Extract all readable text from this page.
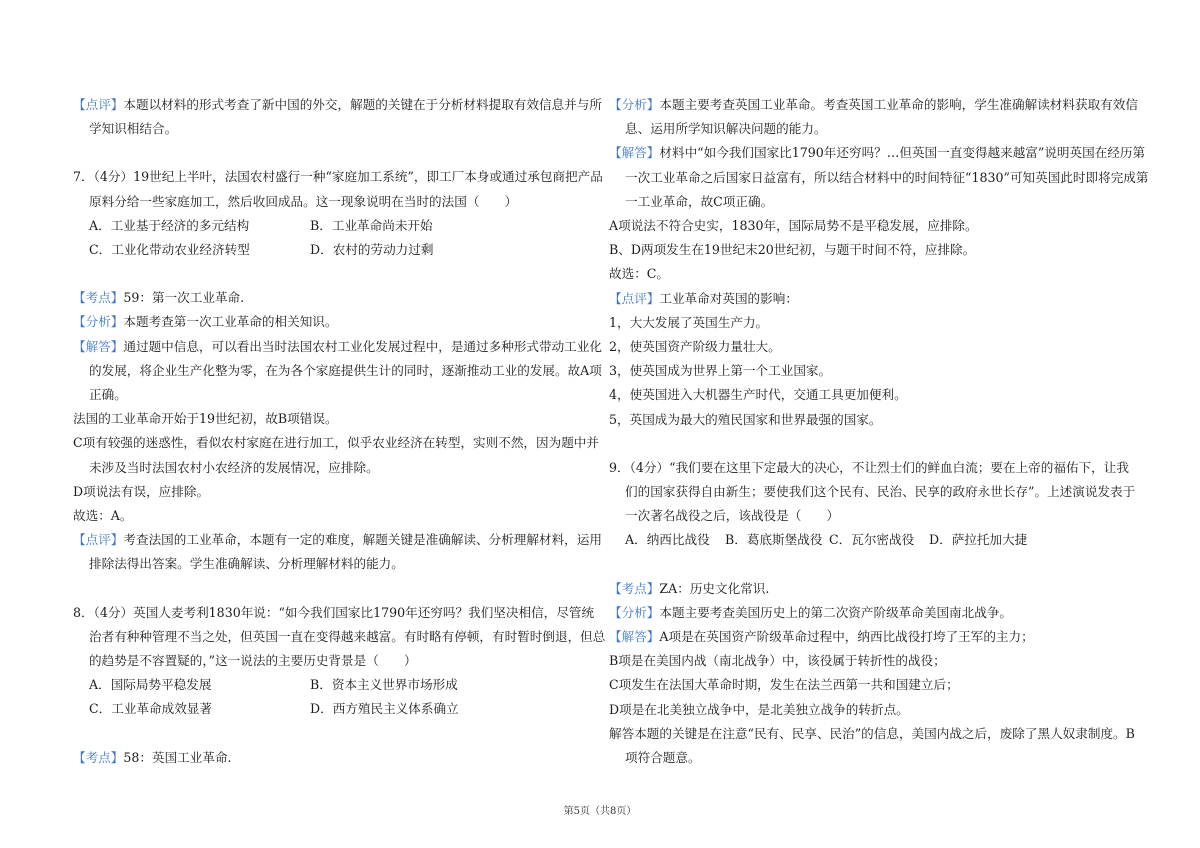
【点评】本题以材料的形式考查了新中国的外交，解题的关键在于分析材料提取有效信息并与所
学知识相结合。
7．（4分）19世纪上半叶，法国农村盛行一种“家庭加工系统”，即工厂本身或通过承包商把产品
原料分给一些家庭加工，然后收回成品。这一现象说明在当时的法国（　　）
A．工业基于经济的多元结构	B．工业革命尚未开始
C．工业化带动农业经济转型	D．农村的劳动力过剩
【考点】59：第一次工业革命.
【分析】本题考查第一次工业革命的相关知识。
【解答】通过题中信息，可以看出当时法国农村工业化发展过程中，是通过多种形式带动工业化
的发展，将企业生产化整为零，在为各个家庭提供生计的同时，逐渐推动工业的发展。故A项
正确。
法国的工业革命开始于19世纪初，故B项错误。
C项有较强的迷惑性，看似农村家庭在进行加工，似乎农业经济在转型，实则不然，因为题中并
未涉及当时法国农村小农经济的发展情况，应排除。
D项说法有误，应排除。
故选：A。
【点评】考查法国的工业革命，本题有一定的难度，解题关键是准确解读、分析理解材料，运用
排除法得出答案。学生准确解读、分析理解材料的能力。
8．（4分）英国人麦考利1830年说：“如今我们国家比1790年还穷吗？我们坚决相信，尽管统
治者有种种管理不当之处，但英国一直在变得越来越富。有时略有停顿，有时暂时倒退，但总
的趋势是不容置疑的，”这一说法的主要历史背景是（　　）
A．国际局势平稳发展	B．资本主义世界市场形成
C．工业革命成效显著	D．西方殖民主义体系确立
【考点】58：英国工业革命.
【分析】本题主要考查英国工业革命。考查英国工业革命的影响，学生准确解读材料获取有效信
息、运用所学知识解决问题的能力。
【解答】材料中“如今我们国家比1790年还穷吗？…但英国一直变得越来越富”说明英国在经历第
一次工业革命之后国家日益富有，所以结合材料中的时间特征“1830”可知英国此时即将完成第
一工业革命，故C项正确。
A项说法不符合史实，1830年，国际局势不是平稳发展，应排除。
B、D两项发生在19世纪末20世纪初，与题干时间不符，应排除。
故选：C。
【点评】工业革命对英国的影响：
1，大大发展了英国生产力。
2，使英国资产阶级力量壮大。
3，使英国成为世界上第一个工业国家。
4，使英国进入大机器生产时代，交通工具更加便利。
5，英国成为最大的殖民国家和世界最强的国家。
9．（4分）“我们要在这里下定最大的决心，不让烈士们的鲜血白流；要在上帝的福佑下，让我
们的国家获得自由新生；要使我们这个民有、民治、民享的政府永世长存”。上述演说发表于
一次著名战役之后，该战役是（　　）
A．纳西比战役	B．葛底斯堡战役 C．瓦尔密战役	D．萨拉托加大捷
【考点】ZA：历史文化常识.
【分析】本题主要考查美国历史上的第二次资产阶级革命美国南北战争。
【解答】A项是在英国资产阶级革命过程中，纳西比战役打垮了王军的主力；
B项是在美国内战（南北战争）中，该役属于转折性的战役；
C项发生在法国大革命时期，发生在法兰西第一共和国建立后；
D项是在北美独立战争中，是北美独立战争的转折点。
解答本题的关键是在注意“民有、民享、民治”的信息，美国内战之后，废除了黑人奴隶制度。B
项符合题意。
第5页（共8页）
